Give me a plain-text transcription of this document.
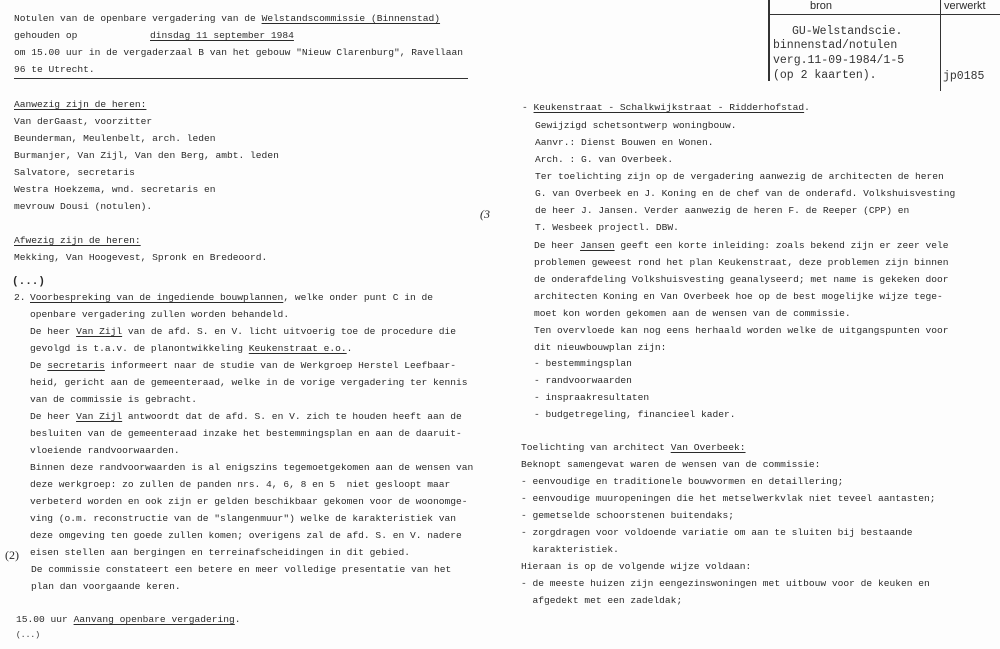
bron	verwerkt
GU-Welstandscie.
binnenstad/notulen
verg.11-09-1984/1-5
(op 2 kaarten).	jp0185
Notulen van de openbare vergadering van de Welstandscommissie (Binnenstad)
gehouden op	dinsdag 11 september 1984
om 15.00 uur in de vergaderzaal B van het gebouw "Nieuw Clarenburg", Ravellaan
96 te Utrecht.
Aanwezig zijn de heren:
Van derGaast, voorzitter
Beunderman, Meulenbelt, arch. leden
Burmanjer, Van Zijl, Van den Berg, ambt. leden
Salvatore, secretaris
Westra Hoekzema, wnd. secretaris en
mevrouw Dousi (notulen).
(3
Afwezig zijn de heren:
Mekking, Van Hoogevest, Spronk en Bredeoord.
(...)
2. Voorbespreking van de ingediende bouwplannen, welke onder punt C in de
openbare vergadering zullen worden behandeld.
De heer Van Zijl van de afd. S. en V. licht uitvoerig toe de procedure die
gevolgd is t.a.v. de planontwikkeling Keukenstraat e.o..
De secretaris informeert naar de studie van de Werkgroep Herstel Leefbaar-
heid, gericht aan de gemeenteraad, welke in de vorige vergadering ter kennis
van de commissie is gebracht.
De heer Van Zijl antwoordt dat de afd. S. en V. zich te houden heeft aan de
besluiten van de gemeenteraad inzake het bestemmingsplan en aan de daaruit-
vloeiende randvoorwaarden.
Binnen deze randvoorwaarden is al enigszins tegemoetgekomen aan de wensen van
deze werkgroep: zo zullen de panden nrs. 4, 6, 8 en 5  niet gesloopt maar
verbeterd worden en ook zijn er gelden beschikbaar gekomen voor de woonomge-
ving (o.m. reconstructie van de "slangenmuur") welke de karakteristiek van
deze omgeving ten goede zullen komen; overigens zal de afd. S. en V. nadere
(2) eisen stellen aan bergingen en terreinafscheidingen in dit gebied.
De commissie constateert een betere en meer volledige presentatie van het
plan dan voorgaande keren.
15.00 uur Aanvang openbare vergadering.
(...)
- Keukenstraat - Schalkwijkstraat - Ridderhofstad.
Gewijzigd schetsontwerp woningbouw.
Aanvr.: Dienst Bouwen en Wonen.
Arch. : G. van Overbeek.
Ter toelichting zijn op de vergadering aanwezig de architecten de heren
G. van Overbeek en J. Koning en de chef van de onderafd. Volkshuisvesting
de heer J. Jansen. Verder aanwezig de heren F. de Reeper (CPP) en
T. Wesbeek projectl. DBW.
De heer Jansen geeft een korte inleiding: zoals bekend zijn er zeer vele
problemen geweest rond het plan Keukenstraat, deze problemen zijn binnen
de onderafdeling Volkshuisvesting geanalyseerd; met name is gekeken door
architecten Koning en Van Overbeek hoe op de best mogelijke wijze tege-
moet kon worden gekomen aan de wensen van de commissie.
Ten overvloede kan nog eens herhaald worden welke de uitgangspunten voor
dit nieuwbouwplan zijn:
- bestemmingsplan
- randvoorwaarden
- inspraakresultaten
- budgetregeling, financieel kader.
Toelichting van architect Van Overbeek:
Beknopt samengevat waren de wensen van de commissie:
- eenvoudige en traditionele bouwvormen en detaillering;
- eenvoudige muuropeningen die het metselwerkvlak niet teveel aantasten;
- gemetselde schoorstenen buitendaks;
- zorgdragen voor voldoende variatie om aan te sluiten bij bestaande
karakteristiek.
Hieraan is op de volgende wijze voldaan:
- de meeste huizen zijn eengezinswoningen met uitbouw voor de keuken en
afgedekt met een zadeldak;
